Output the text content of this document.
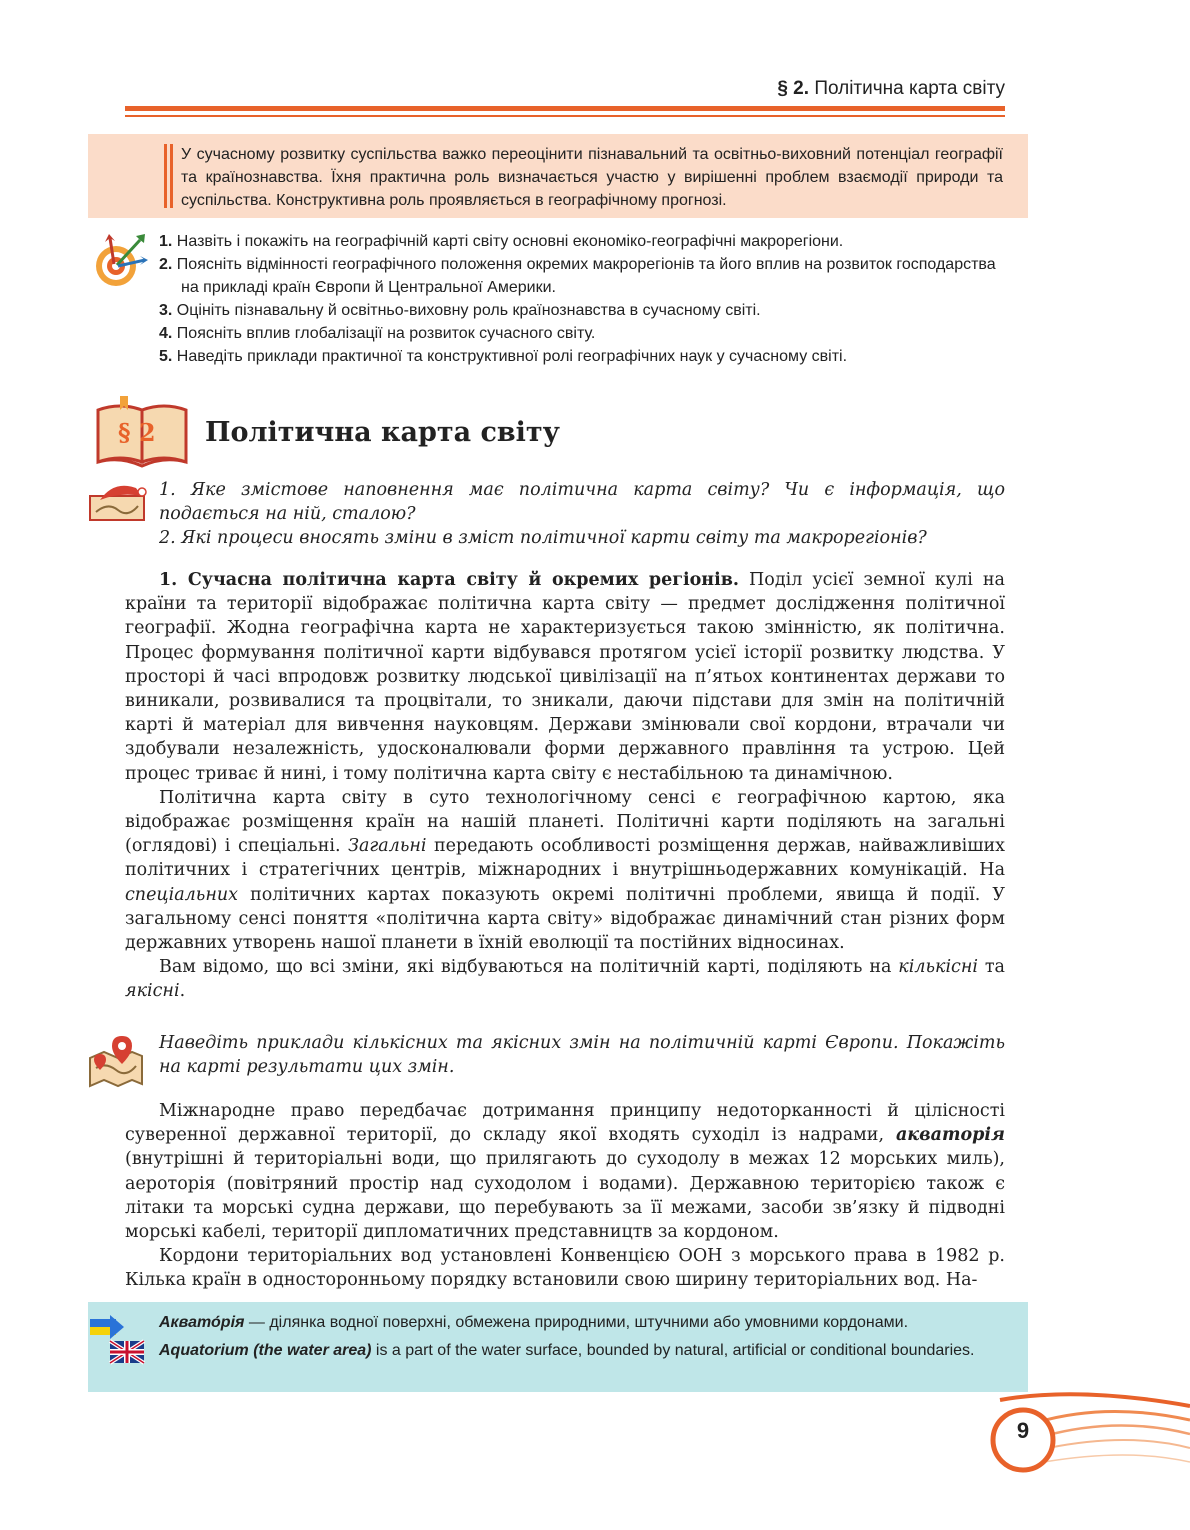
§ 2. Політична карта світу
У сучасному розвитку суспільства важко переоцінити пізнавальний та освітньо-виховний потенціал географії та країнознавства. Їхня практична роль визначається участю у вирішенні проблем взаємодії природи та суспільства. Конструктивна роль проявляється в географічному прогнозі.
1. Назвіть і покажіть на географічній карті світу основні економіко-географічні макрорегіони.
2. Поясніть відмінності географічного положення окремих макрорегіонів та його вплив на розвиток господарства на прикладі країн Європи й Центральної Америки.
3. Оцініть пізнавальну й освітньо-виховну роль країнознавства в сучасному світі.
4. Поясніть вплив глобалізації на розвиток сучасного світу.
5. Наведіть приклади практичної та конструктивної ролі географічних наук у сучасному світі.
§ 2 Політична карта світу

1. Яке змістове наповнення має політична карта світу? Чи є інформація, що подається на ній, сталою?

2. Які процеси вносять зміни в зміст політичної карти світу та макрорегіонів?

1. Сучасна політична карта світу й окремих регіонів. Поділ усієї земної кулі на країни та території відображає політична карта світу — предмет дослідження політичної географії. Жодна географічна карта не характеризується такою змінністю, як політична. Процес формування політичної карти відбувався протягом усієї історії розвитку людства. У просторі й часі впродовж розвитку людської цивілізації на п’ятьох континентах держави то виникали, розвивалися та процвітали, то зникали, даючи підстави для змін на політичній карті й матеріал для вивчення науковцям. Держави змінювали свої кордони, втрачали чи здобували незалежність, удосконалювали форми державного правління та устрою. Цей процес триває й нині, і тому політична карта світу є нестабільною та динамічною.

Політична карта світу в суто технологічному сенсі є географічною картою, яка відображає розміщення країн на нашій планеті. Політичні карти поділяють на загальні (оглядові) і спеціальні. Загальні передають особливості розміщення держав, найважливіших політичних і стратегічних центрів, міжнародних і внутрішньодержавних комунікацій. На спеціальних політичних картах показують окремі політичні проблеми, явища й події. У загальному сенсі поняття «політична карта світу» відображає динамічний стан різних форм державних утворень нашої планети в їхній еволюції та постійних відносинах.

Вам відомо, що всі зміни, які відбуваються на політичній карті, поділяють на кількісні та якісні.

Наведіть приклади кількісних та якісних змін на політичній карті Європи. Покажіть на карті результати цих змін.

Міжнародне право передбачає дотримання принципу недоторканності й цілісності суверенної державної території, до складу якої входять суходіл із надрами, акваторія (внутрішні й територіальні води, що прилягають до суходолу в межах 12 морських миль), аероторія (повітряний простір над суходолом і водами). Державною територією також є літаки та морські судна держави, що перебувають за її межами, засоби зв’язку й підводні морські кабелі, території дипломатичних представництв за кордоном.

Кордони територіальних вод установлені Конвенцією ООН з морського права в 1982 р. Кілька країн в односторонньому порядку встановили свою ширину територіальних вод. На-

Аквато́рія — ділянка водної поверхні, обмежена природними, штучними або умовними кордонами.
Aquatorium (the water area) is a part of the water surface, bounded by natural, artificial or conditional boundaries.
9
